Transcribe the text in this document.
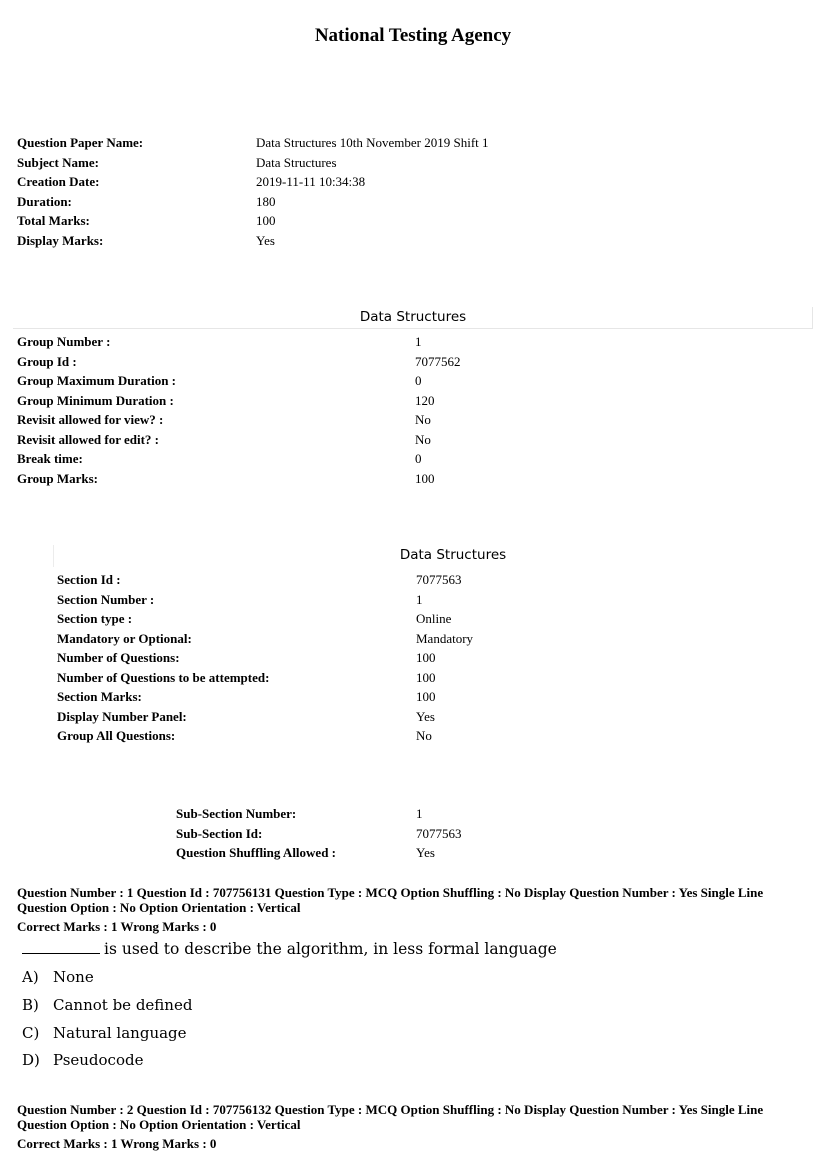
National Testing Agency
Question Paper Name:	Data Structures 10th November 2019 Shift 1
Subject Name:	Data Structures
Creation Date:	2019-11-11 10:34:38
Duration:	180
Total Marks:	100
Display Marks:	Yes
Data Structures
Group Number :	1
Group Id :	7077562
Group Maximum Duration :	0
Group Minimum Duration :	120
Revisit allowed for view? :	No
Revisit allowed for edit? :	No
Break time:	0
Group Marks:	100
Data Structures
Section Id :	7077563
Section Number :	1
Section type :	Online
Mandatory or Optional:	Mandatory
Number of Questions:	100
Number of Questions to be attempted:	100
Section Marks:	100
Display Number Panel:	Yes
Group All Questions:	No
Sub-Section Number:	1
Sub-Section Id:	7077563
Question Shuffling Allowed :	Yes
Question Number : 1 Question Id : 707756131 Question Type : MCQ Option Shuffling : No Display Question Number : Yes Single Line Question Option : No Option Orientation : Vertical
Correct Marks : 1 Wrong Marks : 0
is used to describe the algorithm, in less formal language
A) None
B) Cannot be defined
C) Natural language
D) Pseudocode
Question Number : 2 Question Id : 707756132 Question Type : MCQ Option Shuffling : No Display Question Number : Yes Single Line Question Option : No Option Orientation : Vertical
Correct Marks : 1 Wrong Marks : 0
